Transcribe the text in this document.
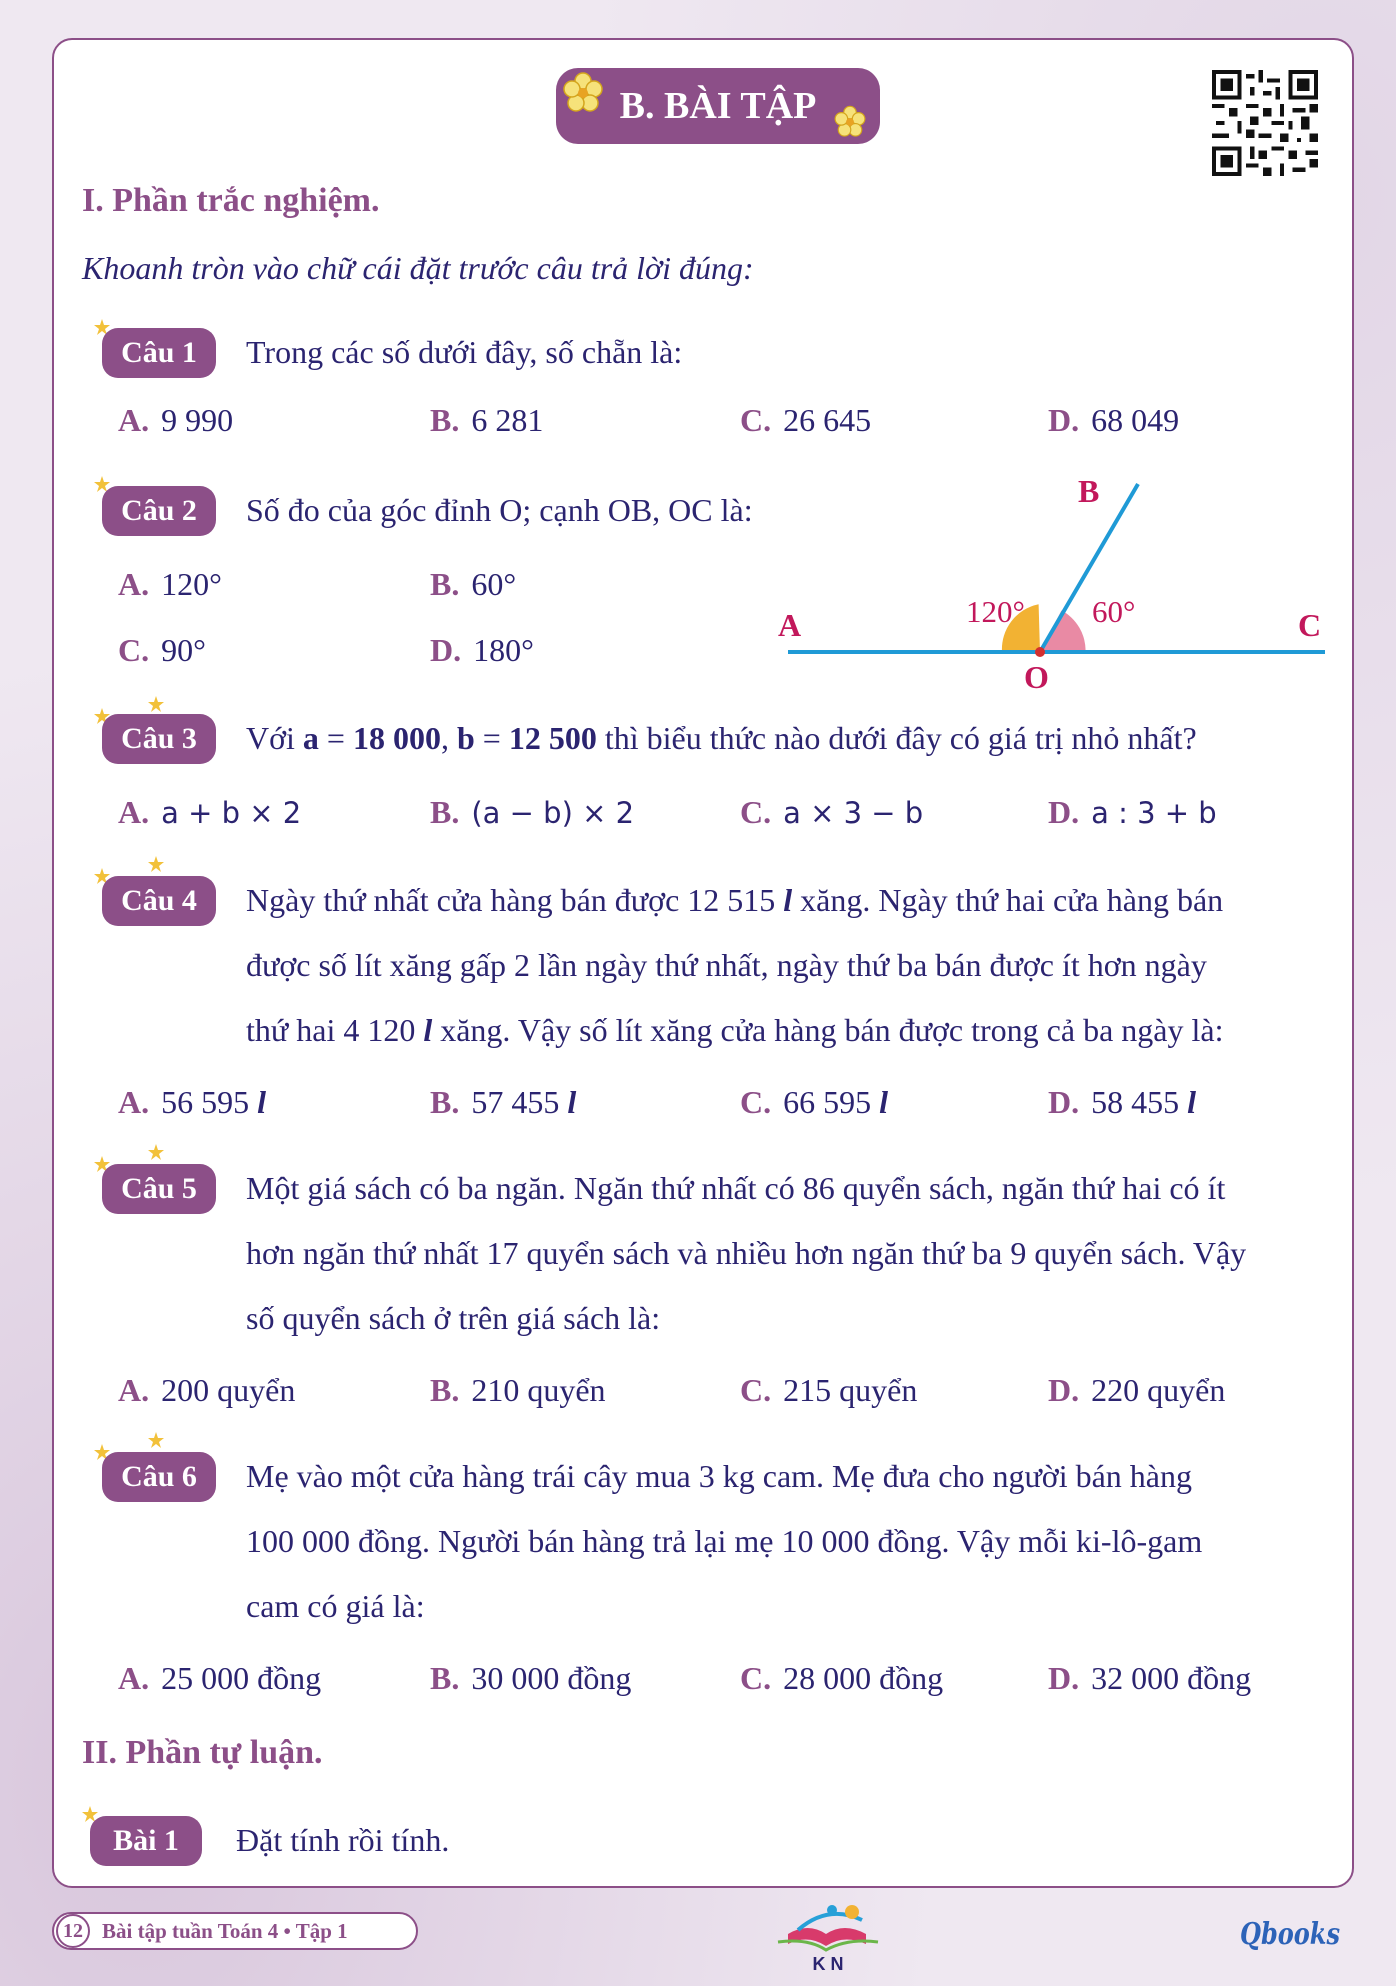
B. BÀI TẬP
I. Phần trắc nghiệm.
Khoanh tròn vào chữ cái đặt trước câu trả lời đúng:
Câu 1	Trong các số dưới đây, số chẵn là:
A. 9 990	B. 6 281	C. 26 645	D. 68 049
Câu 2	Số đo của góc đỉnh O; cạnh OB, OC là:
A. 120°	B. 60°
C. 90°	D. 180°
A
B
C
O
120° 60°
Câu 3	Với a = 18 000, b = 12 500 thì biểu thức nào dưới đây có giá trị nhỏ nhất?
A. a + b × 2	B. (a − b) × 2	C. a × 3 − b	D. a : 3 + b
Câu 4	Ngày thứ nhất cửa hàng bán được 12 515 l xăng. Ngày thứ hai cửa hàng bán
được số lít xăng gấp 2 lần ngày thứ nhất, ngày thứ ba bán được ít hơn ngày
thứ hai 4 120 l xăng. Vậy số lít xăng cửa hàng bán được trong cả ba ngày là:
A. 56 595 l	B. 57 455 l	C. 66 595 l	D. 58 455 l
Câu 5	Một giá sách có ba ngăn. Ngăn thứ nhất có 86 quyển sách, ngăn thứ hai có ít
hơn ngăn thứ nhất 17 quyển sách và nhiều hơn ngăn thứ ba 9 quyển sách. Vậy
số quyển sách ở trên giá sách là:
A. 200 quyển	B. 210 quyển	C. 215 quyển	D. 220 quyển
Câu 6	Mẹ vào một cửa hàng trái cây mua 3 kg cam. Mẹ đưa cho người bán hàng
100 000 đồng. Người bán hàng trả lại mẹ 10 000 đồng. Vậy mỗi ki-lô-gam
cam có giá là:
A. 25 000 đồng	B. 30 000 đồng	C. 28 000 đồng	D. 32 000 đồng
II. Phần tự luận.
Bài 1	Đặt tính rồi tính.
12 Bài tập tuần Toán 4 • Tập 1
K N
Qbooks
